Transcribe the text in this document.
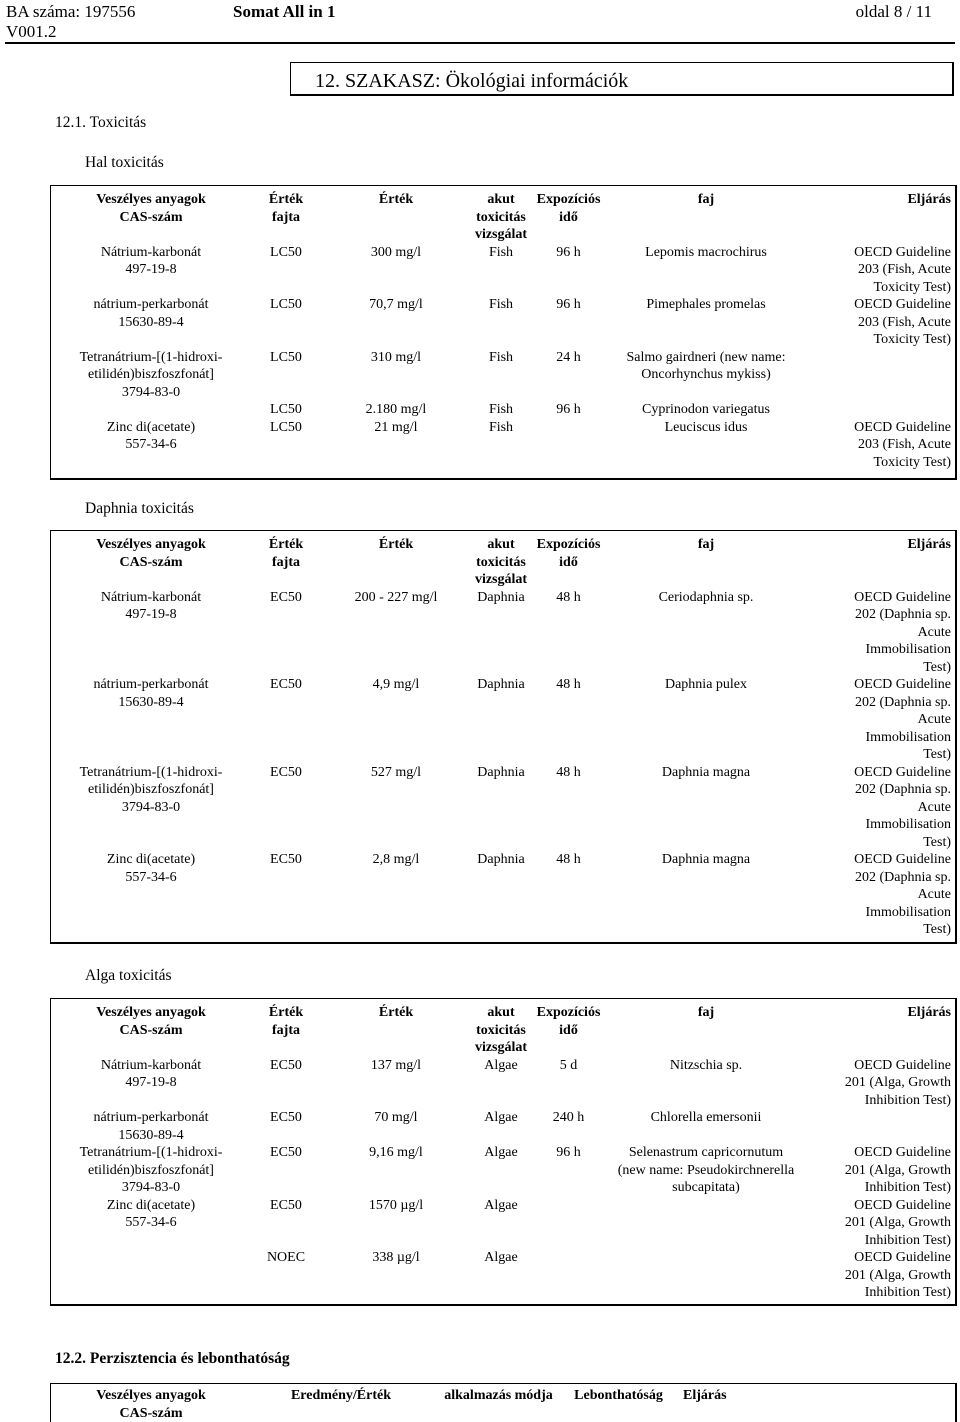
BA száma: 197556
V001.2
Somat All in 1	oldal 8 / 11
12. SZAKASZ: Ökológiai információk
12.1. Toxicitás
Hal toxicitás
Veszélyes anyagok
CAS-szám	Érték
fajta	Érték	akut
toxicitás
vizsgálat	Expozíciós
idő	faj	Eljárás
Nátrium-karbonát
497-19-8	LC50	300 mg/l	Fish	96 h	Lepomis macrochirus	OECD Guideline
203 (Fish, Acute
Toxicity Test)
nátrium-perkarbonát
15630-89-4	LC50	70,7 mg/l	Fish	96 h	Pimephales promelas	OECD Guideline
203 (Fish, Acute
Toxicity Test)
Tetranátrium-[(1-hidroxi-
etilidén)biszfoszfonát]
3794-83-0	LC50	310 mg/l	Fish	24 h	Salmo gairdneri (new name:
Oncorhynchus mykiss)	
	LC50	2.180 mg/l	Fish	96 h	Cyprinodon variegatus	
Zinc di(acetate)
557-34-6	LC50	21 mg/l	Fish		Leuciscus idus	OECD Guideline
203 (Fish, Acute
Toxicity Test)
Daphnia toxicitás
Veszélyes anyagok
CAS-szám	Érték
fajta	Érték	akut
toxicitás
vizsgálat	Expozíciós
idő	faj	Eljárás
Nátrium-karbonát
497-19-8	EC50	200 - 227 mg/l	Daphnia	48 h	Ceriodaphnia sp.	OECD Guideline
202 (Daphnia sp.
Acute
Immobilisation
Test)
nátrium-perkarbonát
15630-89-4	EC50	4,9 mg/l	Daphnia	48 h	Daphnia pulex	OECD Guideline
202 (Daphnia sp.
Acute
Immobilisation
Test)
Tetranátrium-[(1-hidroxi-
etilidén)biszfoszfonát]
3794-83-0	EC50	527 mg/l	Daphnia	48 h	Daphnia magna	OECD Guideline
202 (Daphnia sp.
Acute
Immobilisation
Test)
Zinc di(acetate)
557-34-6	EC50	2,8 mg/l	Daphnia	48 h	Daphnia magna	OECD Guideline
202 (Daphnia sp.
Acute
Immobilisation
Test)
Alga toxicitás
Veszélyes anyagok
CAS-szám	Érték
fajta	Érték	akut
toxicitás
vizsgálat	Expozíciós
idő	faj	Eljárás
Nátrium-karbonát
497-19-8	EC50	137 mg/l	Algae	5 d	Nitzschia sp.	OECD Guideline
201 (Alga, Growth
Inhibition Test)
nátrium-perkarbonát
15630-89-4	EC50	70 mg/l	Algae	240 h	Chlorella emersonii	
Tetranátrium-[(1-hidroxi-
etilidén)biszfoszfonát]
3794-83-0	EC50	9,16 mg/l	Algae	96 h	Selenastrum capricornutum
(new name: Pseudokirchnerella
subcapitata)	OECD Guideline
201 (Alga, Growth
Inhibition Test)
Zinc di(acetate)
557-34-6	EC50	1570 µg/l	Algae			OECD Guideline
201 (Alga, Growth
Inhibition Test)
	NOEC	338 µg/l	Algae			OECD Guideline
201 (Alga, Growth
Inhibition Test)
12.2. Perzisztencia és lebonthatóság
Veszélyes anyagok
CAS-szám	Eredmény/Érték	alkalmazás módja	Lebonthatóság	Eljárás
